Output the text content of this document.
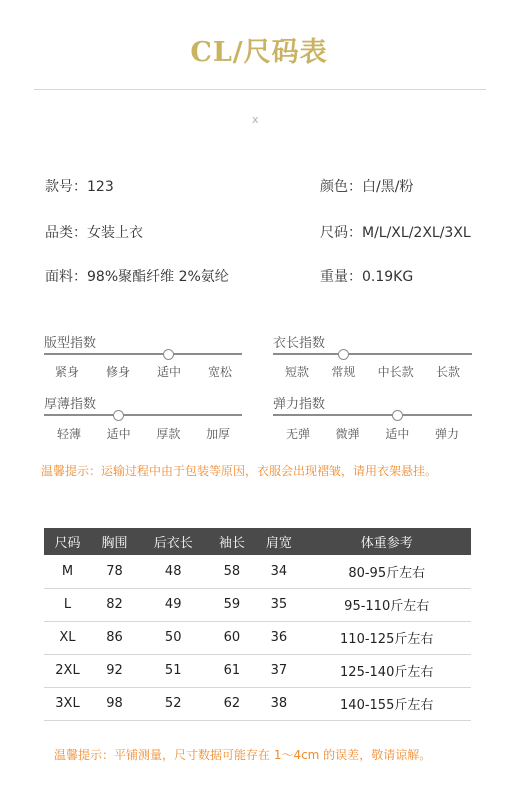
CL/尺码表
x
款号：123	颜色：白/黑/粉
品类：女装上衣	尺码：M/L/XL/2XL/3XL
面料：98%聚酯纤维 2%氨纶	重量：0.19KG
版型指数
紧身 修身 适中 宽松
衣长指数
短款 常规 中长款 长款
厚薄指数
轻薄 适中 厚款 加厚
弹力指数
无弹 微弹 适中 弹力
温馨提示：运输过程中由于包装等原因，衣服会出现褶皱，请用衣架悬挂。
尺码	胸围	后衣长	袖长	肩宽	体重参考
M	78	48	58	34	80-95斤左右
L	82	49	59	35	95-110斤左右
XL	86	50	60	36	110-125斤左右
2XL	92	51	61	37	125-140斤左右
3XL	98	52	62	38	140-155斤左右
温馨提示：平铺测量，尺寸数据可能存在 1～4cm 的误差，敬请谅解。
